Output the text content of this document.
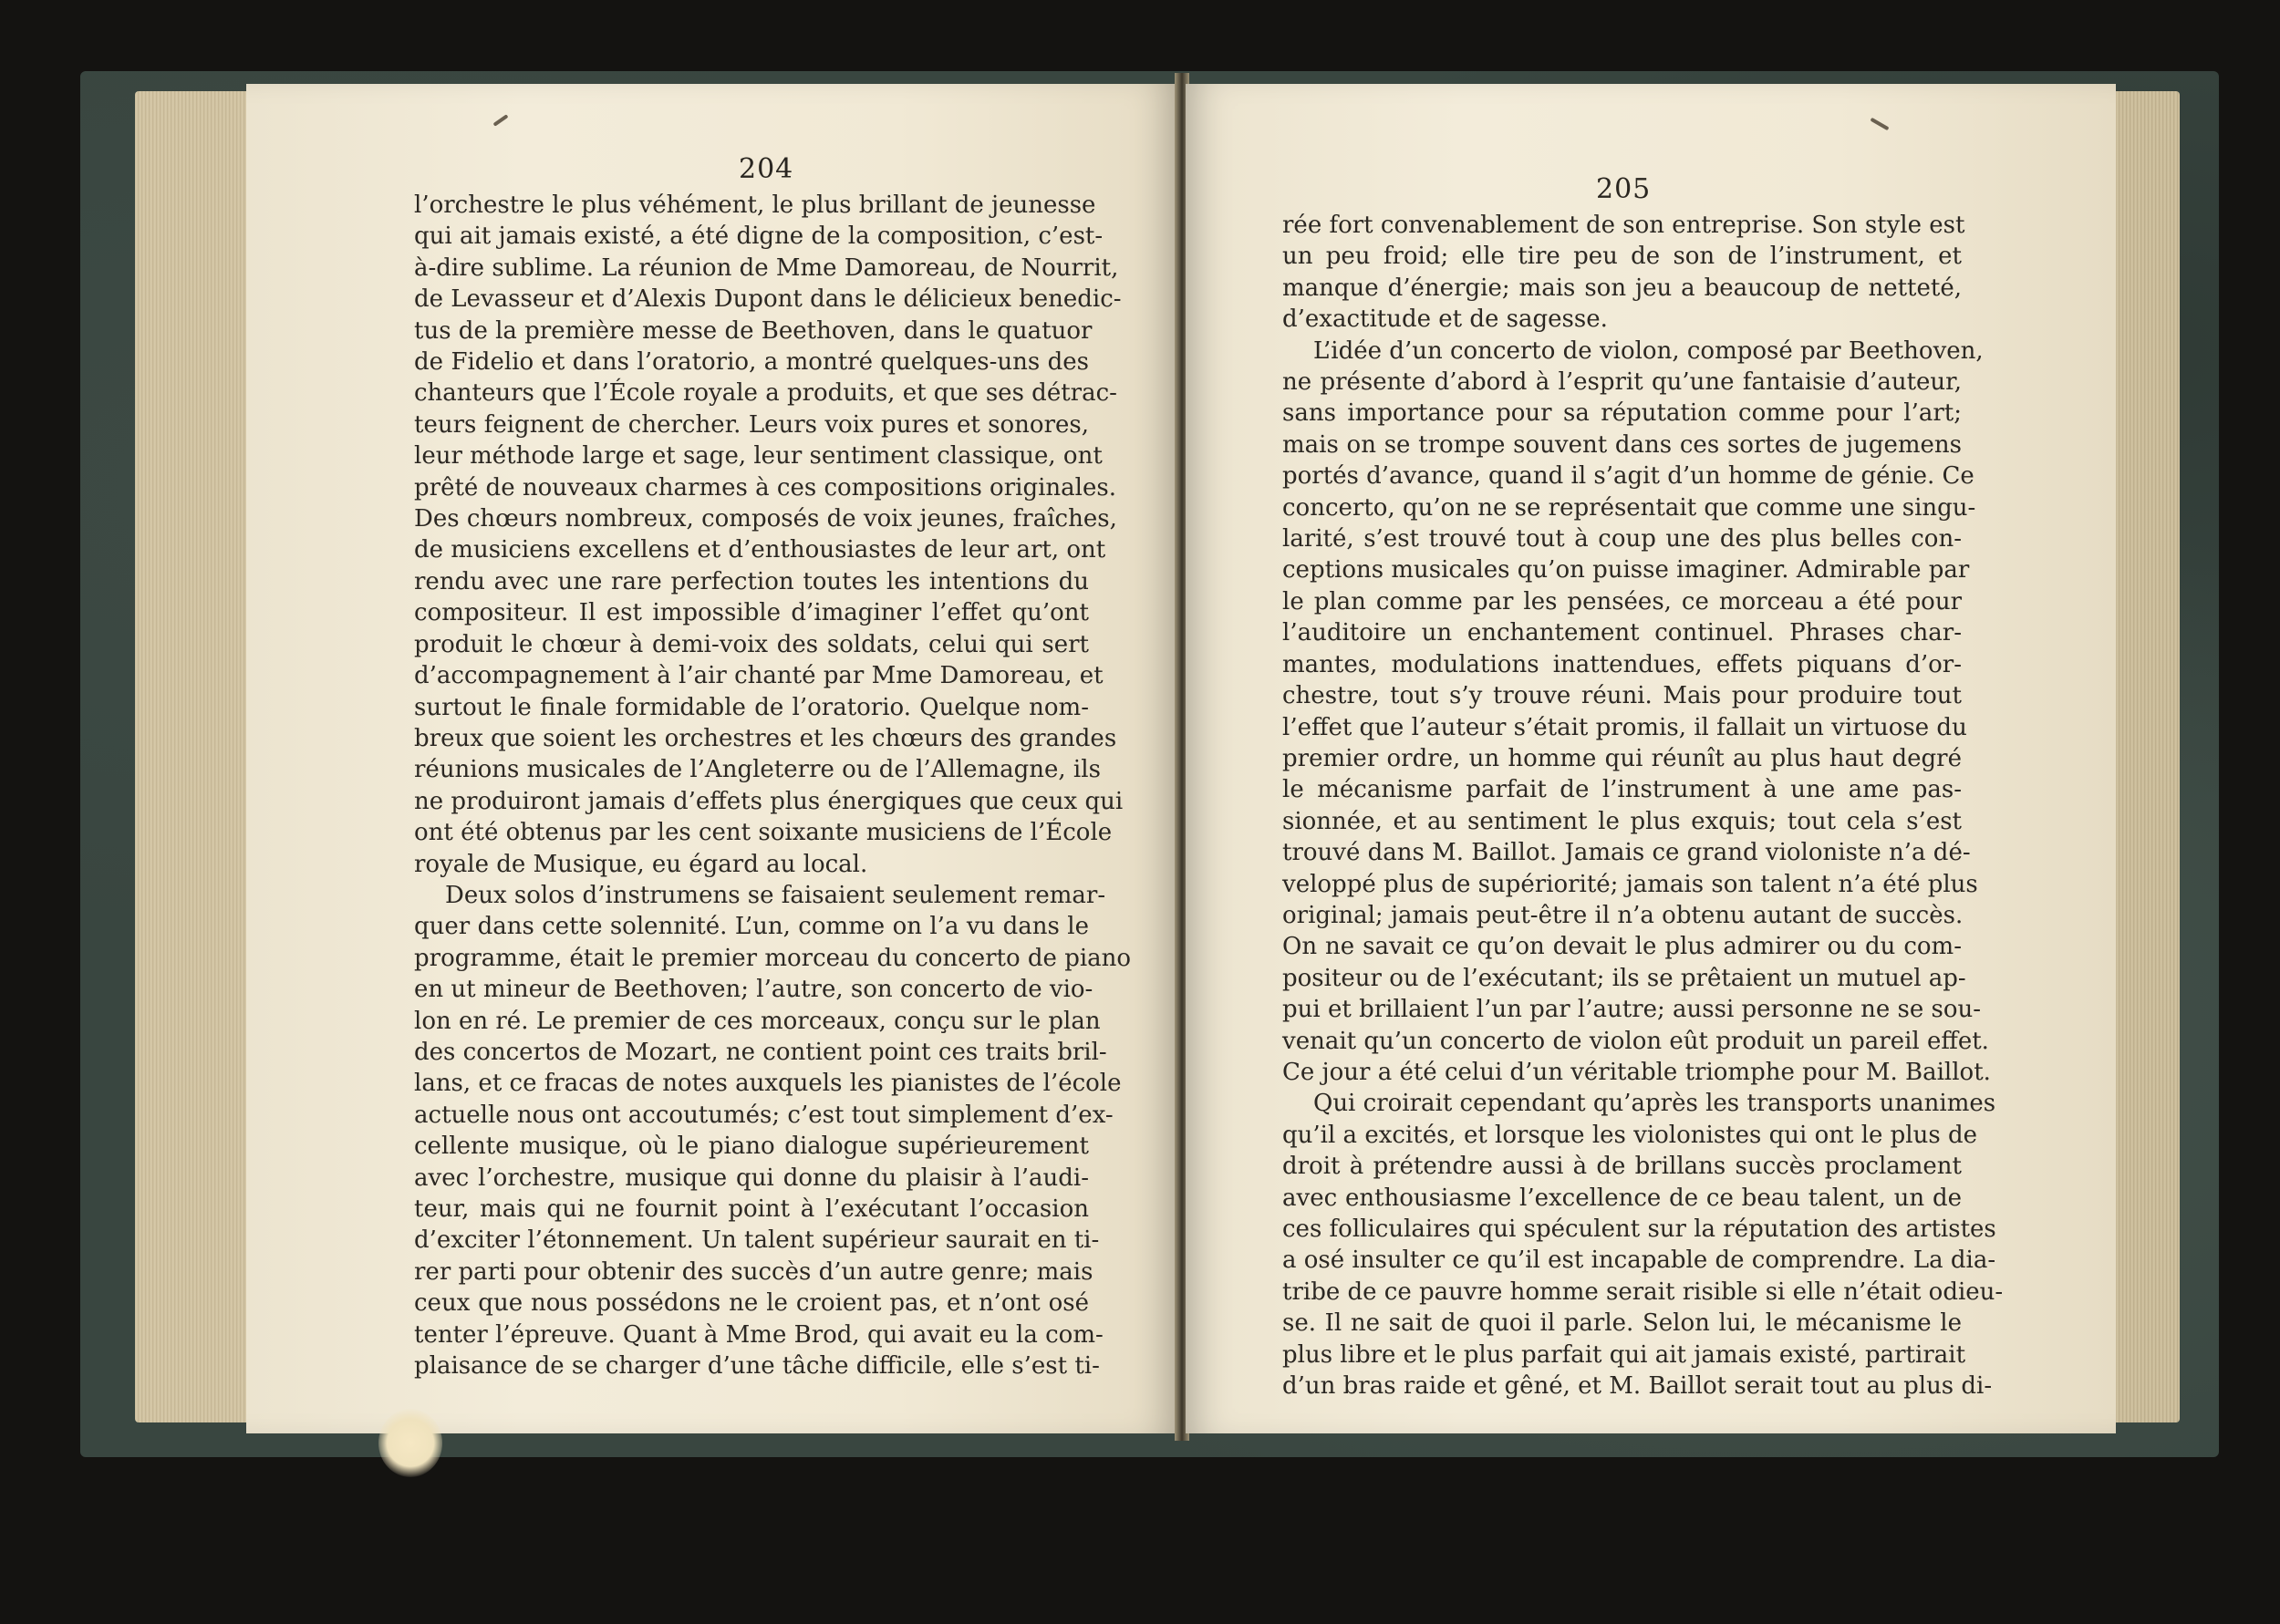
204
l’orchestre le plus véhément, le plus brillant de jeunesse
qui ait jamais existé, a été digne de la composition, c’est-
à-dire sublime. La réunion de Mme Damoreau, de Nourrit,
de Levasseur et d’Alexis Dupont dans le délicieux benedic-
tus de la première messe de Beethoven, dans le quatuor
de Fidelio et dans l’oratorio, a montré quelques-uns des
chanteurs que l’École royale a produits, et que ses détrac-
teurs feignent de chercher. Leurs voix pures et sonores,
leur méthode large et sage, leur sentiment classique, ont
prêté de nouveaux charmes à ces compositions originales.
Des chœurs nombreux, composés de voix jeunes, fraîches,
de musiciens excellens et d’enthousiastes de leur art, ont
rendu avec une rare perfection toutes les intentions du
compositeur. Il est impossible d’imaginer l’effet qu’ont
produit le chœur à demi-voix des soldats, celui qui sert
d’accompagnement à l’air chanté par Mme Damoreau, et
surtout le finale formidable de l’oratorio. Quelque nom-
breux que soient les orchestres et les chœurs des grandes
réunions musicales de l’Angleterre ou de l’Allemagne, ils
ne produiront jamais d’effets plus énergiques que ceux qui
ont été obtenus par les cent soixante musiciens de l’École
royale de Musique, eu égard au local.
Deux solos d’instrumens se faisaient seulement remar-
quer dans cette solennité. L’un, comme on l’a vu dans le
programme, était le premier morceau du concerto de piano
en ut mineur de Beethoven; l’autre, son concerto de vio-
lon en ré. Le premier de ces morceaux, conçu sur le plan
des concertos de Mozart, ne contient point ces traits bril-
lans, et ce fracas de notes auxquels les pianistes de l’école
actuelle nous ont accoutumés; c’est tout simplement d’ex-
cellente musique, où le piano dialogue supérieurement
avec l’orchestre, musique qui donne du plaisir à l’audi-
teur, mais qui ne fournit point à l’exécutant l’occasion
d’exciter l’étonnement. Un talent supérieur saurait en ti-
rer parti pour obtenir des succès d’un autre genre; mais
ceux que nous possédons ne le croient pas, et n’ont osé
tenter l’épreuve. Quant à Mme Brod, qui avait eu la com-
plaisance de se charger d’une tâche difficile, elle s’est ti-
205
rée fort convenablement de son entreprise. Son style est
un peu froid; elle tire peu de son de l’instrument, et
manque d’énergie; mais son jeu a beaucoup de netteté,
d’exactitude et de sagesse.
L’idée d’un concerto de violon, composé par Beethoven,
ne présente d’abord à l’esprit qu’une fantaisie d’auteur,
sans importance pour sa réputation comme pour l’art;
mais on se trompe souvent dans ces sortes de jugemens
portés d’avance, quand il s’agit d’un homme de génie. Ce
concerto, qu’on ne se représentait que comme une singu-
larité, s’est trouvé tout à coup une des plus belles con-
ceptions musicales qu’on puisse imaginer. Admirable par
le plan comme par les pensées, ce morceau a été pour
l’auditoire un enchantement continuel. Phrases char-
mantes, modulations inattendues, effets piquans d’or-
chestre, tout s’y trouve réuni. Mais pour produire tout
l’effet que l’auteur s’était promis, il fallait un virtuose du
premier ordre, un homme qui réunît au plus haut degré
le mécanisme parfait de l’instrument à une ame pas-
sionnée, et au sentiment le plus exquis; tout cela s’est
trouvé dans M. Baillot. Jamais ce grand violoniste n’a dé-
veloppé plus de supériorité; jamais son talent n’a été plus
original; jamais peut-être il n’a obtenu autant de succès.
On ne savait ce qu’on devait le plus admirer ou du com-
positeur ou de l’exécutant; ils se prêtaient un mutuel ap-
pui et brillaient l’un par l’autre; aussi personne ne se sou-
venait qu’un concerto de violon eût produit un pareil effet.
Ce jour a été celui d’un véritable triomphe pour M. Baillot.
Qui croirait cependant qu’après les transports unanimes
qu’il a excités, et lorsque les violonistes qui ont le plus de
droit à prétendre aussi à de brillans succès proclament
avec enthousiasme l’excellence de ce beau talent, un de
ces folliculaires qui spéculent sur la réputation des artistes
a osé insulter ce qu’il est incapable de comprendre. La dia-
tribe de ce pauvre homme serait risible si elle n’était odieu-
se. Il ne sait de quoi il parle. Selon lui, le mécanisme le
plus libre et le plus parfait qui ait jamais existé, partirait
d’un bras raide et gêné, et M. Baillot serait tout au plus di-
